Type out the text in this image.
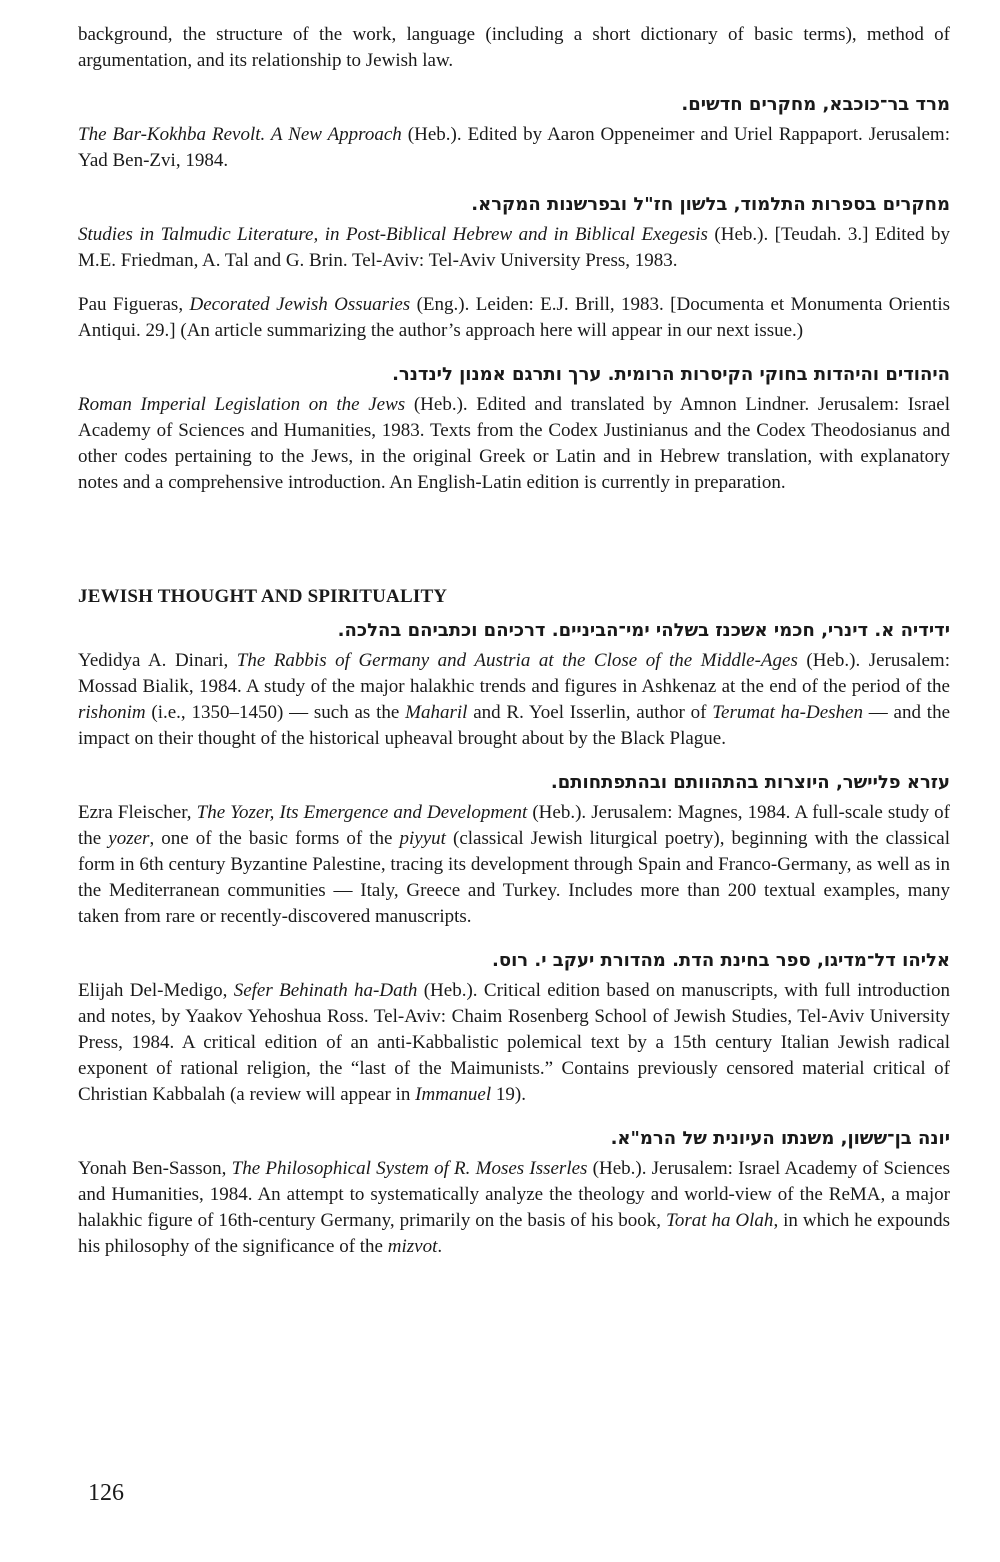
background, the structure of the work, language (including a short dictionary of basic terms), method of argumentation, and its relationship to Jewish law.

מרד בר־כוכבא, מחקרים חדשים.

The Bar-Kokhba Revolt. A New Approach (Heb.). Edited by Aaron Oppeneimer and Uriel Rappaport. Jerusalem: Yad Ben-Zvi, 1984.

מחקרים בספרות התלמוד, בלשון חז"ל ובפרשנות המקרא.

Studies in Talmudic Literature, in Post-Biblical Hebrew and in Biblical Exegesis (Heb.). [Teudah. 3.] Edited by M.E. Friedman, A. Tal and G. Brin. Tel-Aviv: Tel-Aviv University Press, 1983.

Pau Figueras, Decorated Jewish Ossuaries (Eng.). Leiden: E.J. Brill, 1983. [Documenta et Monumenta Orientis Antiqui. 29.] (An article summarizing the author’s approach here will appear in our next issue.)

היהודים והיהדות בחוקי הקיסרות הרומית. ערך ותרגם אמנון לינדנר.

Roman Imperial Legislation on the Jews (Heb.). Edited and translated by Amnon Lindner. Jerusalem: Israel Academy of Sciences and Humanities, 1983. Texts from the Codex Justinianus and the Codex Theodosianus and other codes pertaining to the Jews, in the original Greek or Latin and in Hebrew translation, with explanatory notes and a comprehensive introduction. An English-Latin edition is currently in preparation.

JEWISH THOUGHT AND SPIRITUALITY

ידידיה א. דינרי, חכמי אשכנז בשלהי ימי־הביניים. דרכיהם וכתביהם בהלכה.

Yedidya A. Dinari, The Rabbis of Germany and Austria at the Close of the Middle-Ages (Heb.). Jerusalem: Mossad Bialik, 1984. A study of the major halakhic trends and figures in Ashkenaz at the end of the period of the rishonim (i.e., 1350–1450) — such as the Maharil and R. Yoel Isserlin, author of Terumat ha-Deshen — and the impact on their thought of the historical upheaval brought about by the Black Plague.

עזרא פליישר, היוצרות בהתהוותם ובהתפתחותם.

Ezra Fleischer, The Yozer, Its Emergence and Development (Heb.). Jerusalem: Magnes, 1984. A full-scale study of the yozer, one of the basic forms of the piyyut (classical Jewish liturgical poetry), beginning with the classical form in 6th century Byzantine Palestine, tracing its development through Spain and Franco-Germany, as well as in the Mediterranean communities — Italy, Greece and Turkey. Includes more than 200 textual examples, many taken from rare or recently-discovered manuscripts.

אליהו דל־מדיגו, ספר בחינת הדת. מהדורת יעקב י. רוס.

Elijah Del-Medigo, Sefer Behinath ha-Dath (Heb.). Critical edition based on manuscripts, with full introduction and notes, by Yaakov Yehoshua Ross. Tel-Aviv: Chaim Rosenberg School of Jewish Studies, Tel-Aviv University Press, 1984. A critical edition of an anti-Kabbalistic polemical text by a 15th century Italian Jewish radical exponent of rational religion, the “last of the Maimunists.” Contains previously censored material critical of Christian Kabbalah (a review will appear in Immanuel 19).

יונה בן־ששון, משנתו העיונית של הרמ"א.

Yonah Ben-Sasson, The Philosophical System of R. Moses Isserles (Heb.). Jerusalem: Israel Academy of Sciences and Humanities, 1984. An attempt to systematically analyze the theology and world-view of the ReMA, a major halakhic figure of 16th-century Germany, primarily on the basis of his book, Torat ha Olah, in which he expounds his philosophy of the significance of the mizvot.

126
